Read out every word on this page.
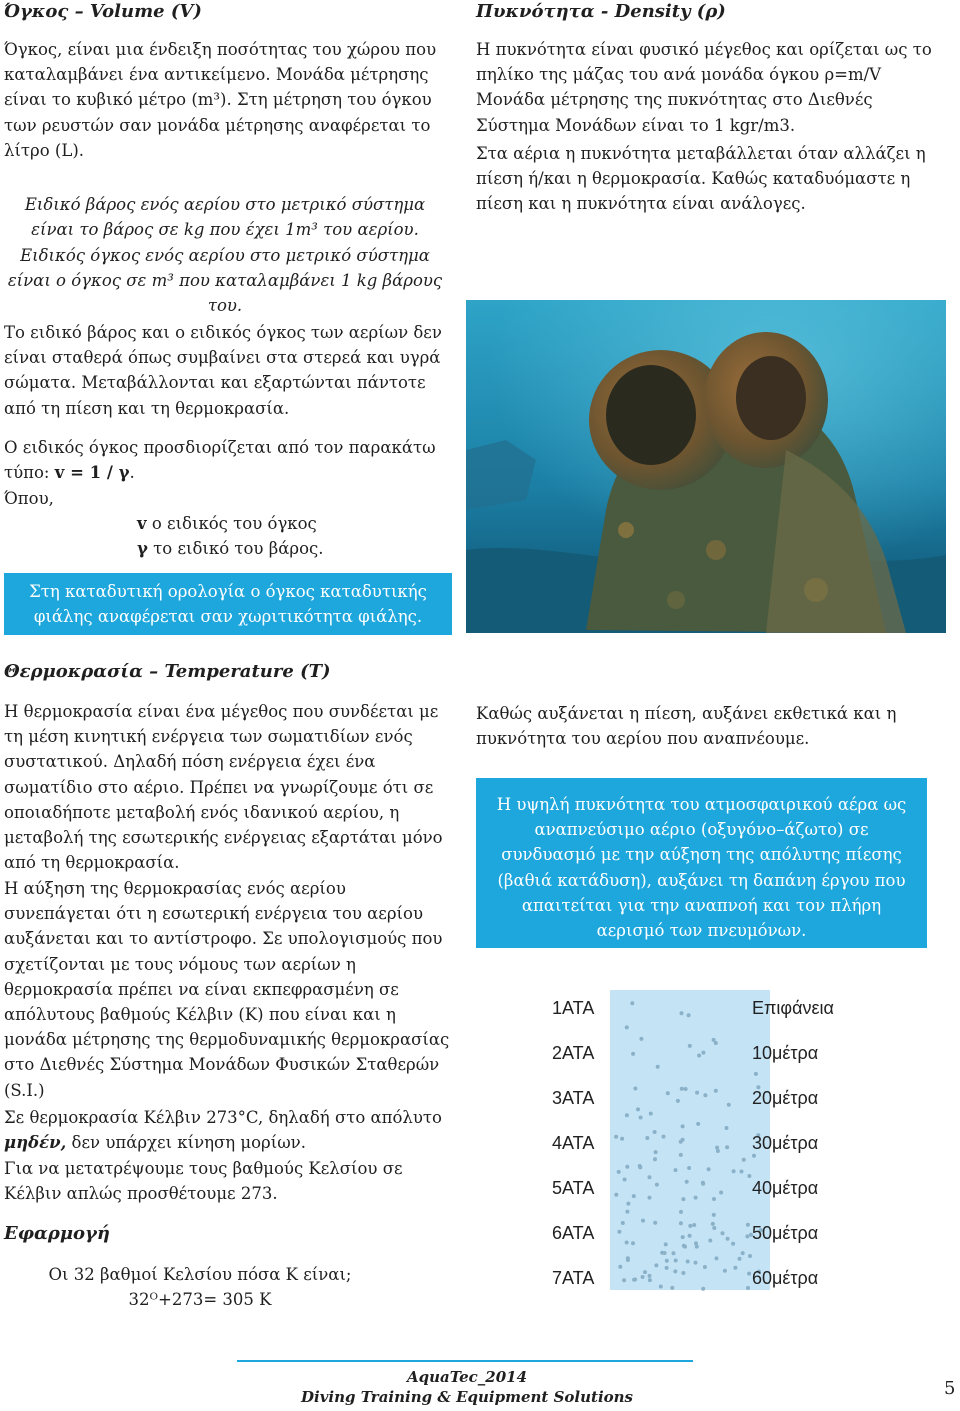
Όγκος – Volume (V)

Όγκος, είναι μια ένδειξη ποσότητας του χώρου που καταλαμβάνει ένα αντικείμενο. Μονάδα μέτρησης είναι το κυβικό μέτρο (m³). Στη μέτρηση του όγκου των ρευστών σαν μονάδα μέτρησης αναφέρεται το λίτρο (L).

Ειδικό βάρος ενός αερίου στο μετρικό σύστημα είναι το βάρος σε kg που έχει 1m³ του αερίου.

Ειδικός όγκος ενός αερίου στο μετρικό σύστημα είναι ο όγκος σε m³ που καταλαμβάνει 1 kg βάρους του.

Το ειδικό βάρος και ο ειδικός όγκος των αερίων δεν είναι σταθερά όπως συμβαίνει στα στερεά και υγρά σώματα. Μεταβάλλονται και εξαρτώνται πάντοτε από τη πίεση και τη θερμοκρασία.

Ο ειδικός όγκος προσδιορίζεται από τον παρακάτω τύπο: v = 1 / γ.

Όπου,

v ο ειδικός του όγκος

γ το ειδικό του βάρος.

Στη καταδυτική ορολογία ο όγκος καταδυτικής φιάλης αναφέρεται σαν χωριτικότητα φιάλης.
Πυκνότητα - Density (ρ)

Η πυκνότητα είναι φυσικό μέγεθος και ορίζεται ως το πηλίκο της μάζας του ανά μονάδα όγκου ρ=m/V Μονάδα μέτρησης της πυκνότητας στο Διεθνές Σύστημα Μονάδων είναι το 1 kgr/m3.

Στα αέρια η πυκνότητα μεταβάλλεται όταν αλλάζει η πίεση ή/και η θερμοκρασία. Καθώς καταδυόμαστε η πίεση και η πυκνότητα είναι ανάλογες.

Θερμοκρασία – Temperature (T)

Η θερμοκρασία είναι ένα μέγεθος που συνδέεται με τη μέση κινητική ενέργεια των σωματιδίων ενός συστατικού. Δηλαδή πόση ενέργεια έχει ένα σωματίδιο στο αέριο. Πρέπει να γνωρίζουμε ότι σε οποιαδήποτε μεταβολή ενός ιδανικού αερίου, η μεταβολή της εσωτερικής ενέργειας εξαρτάται μόνο από τη θερμοκρασία.

Η αύξηση της θερμοκρασίας ενός αερίου συνεπάγεται ότι η εσωτερική ενέργεια του αερίου αυξάνεται και το αντίστροφο. Σε υπολογισμούς που σχετίζονται με τους νόμους των αερίων η θερμοκρασία πρέπει να είναι εκπεφρασμένη σε απόλυτους βαθμούς Κέλβιν (K) που είναι και η μονάδα μέτρησης της θερμοδυναμικής θερμοκρασίας στο Διεθνές Σύστημα Μονάδων Φυσικών Σταθερών (S.I.)

Σε θερμοκρασία Κέλβιν 273°C, δηλαδή στο απόλυτο μηδέν, δεν υπάρχει κίνηση μορίων.

Για να μετατρέψουμε τους βαθμούς Κελσίου σε Κέλβιν απλώς προσθέτουμε 273.

Εφαρμογή

Οι 32 βαθμοί Κελσίου πόσα K είναι;

32ᴼ+273= 305 K

Καθώς αυξάνεται η πίεση, αυξάνει εκθετικά και η πυκνότητα του αερίου που αναπνέουμε.

Η υψηλή πυκνότητα του ατμοσφαιρικού αέρα ως αναπνεύσιμο αέριο (οξυγόνο–άζωτο) σε συνδυασμό με την αύξηση της απόλυτης πίεσης (βαθιά κατάδυση), αυξάνει τη δαπάνη έργου που απαιτείται για την αναπνοή και τον πλήρη αερισμό των πνευμόνων.
1ATA
2ATA
3ATA
4ATA
5ATA
6ATA
7ATA
Επιφάνεια
10μέτρα
20μέτρα
30μέτρα
40μέτρα
50μέτρα
60μέτρα
AquaTec_2014
Diving Training & Equipment Solutions	5
